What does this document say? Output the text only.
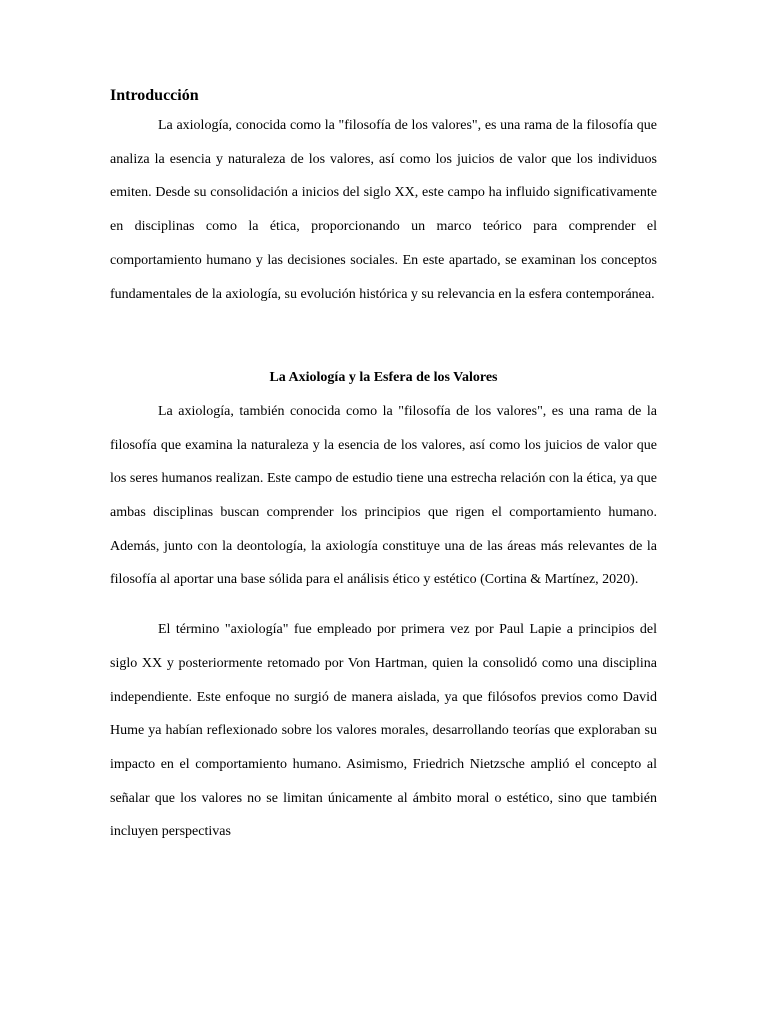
Introducción

La axiología, conocida como la "filosofía de los valores", es una rama de la filosofía que analiza la esencia y naturaleza de los valores, así como los juicios de valor que los individuos emiten. Desde su consolidación a inicios del siglo XX, este campo ha influido significativamente en disciplinas como la ética, proporcionando un marco teórico para comprender el comportamiento humano y las decisiones sociales. En este apartado, se examinan los conceptos fundamentales de la axiología, su evolución histórica y su relevancia en la esfera contemporánea.

La Axiología y la Esfera de los Valores

La axiología, también conocida como la "filosofía de los valores", es una rama de la filosofía que examina la naturaleza y la esencia de los valores, así como los juicios de valor que los seres humanos realizan. Este campo de estudio tiene una estrecha relación con la ética, ya que ambas disciplinas buscan comprender los principios que rigen el comportamiento humano. Además, junto con la deontología, la axiología constituye una de las áreas más relevantes de la filosofía al aportar una base sólida para el análisis ético y estético (Cortina & Martínez, 2020).

El término "axiología" fue empleado por primera vez por Paul Lapie a principios del siglo XX y posteriormente retomado por Von Hartman, quien la consolidó como una disciplina independiente. Este enfoque no surgió de manera aislada, ya que filósofos previos como David Hume ya habían reflexionado sobre los valores morales, desarrollando teorías que exploraban su impacto en el comportamiento humano. Asimismo, Friedrich Nietzsche amplió el concepto al señalar que los valores no se limitan únicamente al ámbito moral o estético, sino que también incluyen perspectivas
